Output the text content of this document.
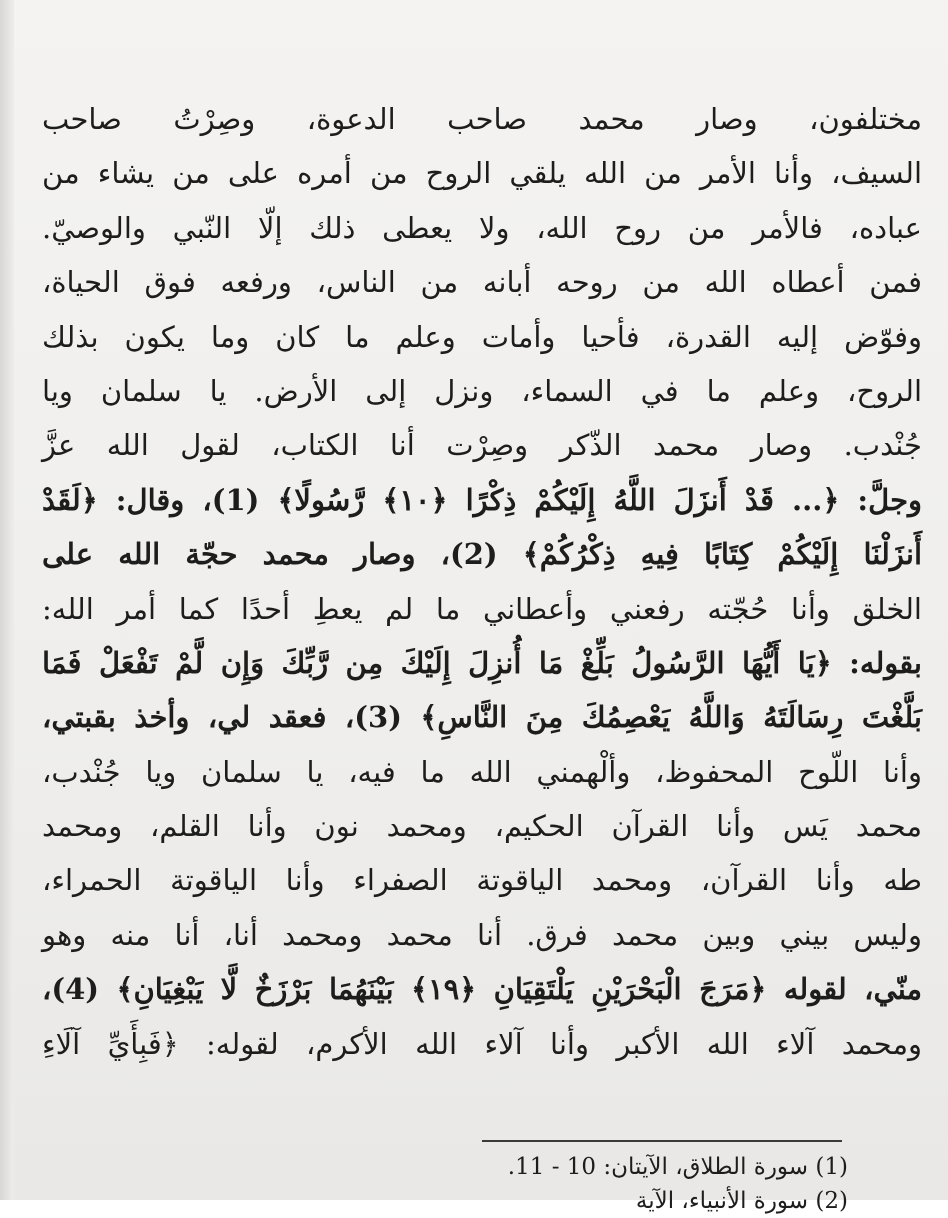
مختلفون، وصار محمد صاحب الدعوة، وصِرْتُ صاحب
السيف، وأنا الأمر من الله يلقي الروح من أمره على من يشاء من
عباده، فالأمر من روح الله، ولا يعطى ذلك إلّا النّبي والوصيّ.
فمن أعطاه الله من روحه أبانه من الناس، ورفعه فوق الحياة،
وفوّض إليه القدرة، فأحيا وأمات وعلم ما كان وما يكون بذلك
الروح، وعلم ما في السماء، ونزل إلى الأرض. يا سلمان ويا
جُنْدب. وصار محمد الذّكر وصِرْت أنا الكتاب، لقول الله عزَّ
وجلَّ: ﴿... قَدْ أَنزَلَ اللَّهُ إِلَيْكُمْ ذِكْرًا ﴿١٠﴾ رَّسُولًا﴾ (1)، وقال: ﴿لَقَدْ
أَنزَلْنَا إِلَيْكُمْ كِتَابًا فِيهِ ذِكْرُكُمْ﴾ (2)، وصار محمد حجّة الله على
الخلق وأنا حُجّته رفعني وأعطاني ما لم يعطِ أحدًا كما أمر الله:
بقوله: ﴿يَا أَيُّهَا الرَّسُولُ بَلِّغْ مَا أُنزِلَ إِلَيْكَ مِن رَّبِّكَ وَإِن لَّمْ تَفْعَلْ فَمَا
بَلَّغْتَ رِسَالَتَهُ وَاللَّهُ يَعْصِمُكَ مِنَ النَّاسِ﴾ (3)، فعقد لي، وأخذ بقبتي،
وأنا اللّوح المحفوظ، وألْهمني الله ما فيه، يا سلمان ويا جُنْدب،
محمد يَس وأنا القرآن الحكيم، ومحمد نون وأنا القلم، ومحمد
طه وأنا القرآن، ومحمد الياقوتة الصفراء وأنا الياقوتة الحمراء،
وليس بيني وبين محمد فرق. أنا محمد ومحمد أنا، أنا منه وهو
منّي، لقوله ﴿مَرَجَ الْبَحْرَيْنِ يَلْتَقِيَانِ ﴿١٩﴾ بَيْنَهُمَا بَرْزَخٌ لَّا يَبْغِيَانِ﴾ (4)،
ومحمد آلاء الله الأكبر وأنا آلاء الله الأكرم، لقوله: ﴿فَبِأَيِّ آلَاءِ
(1) سورة الطلاق، الآيتان: 10 - 11.
(2) سورة الأنبياء، الآية
